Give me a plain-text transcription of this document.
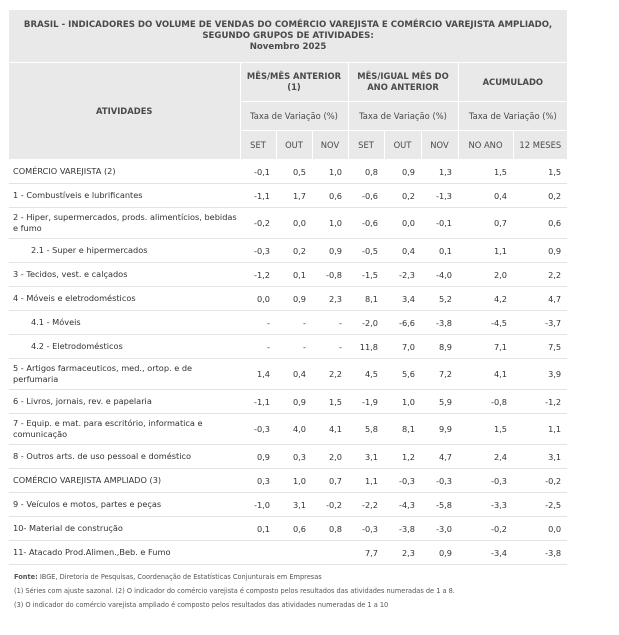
BRASIL - INDICADORES DO VOLUME DE VENDAS DO COMÉRCIO VAREJISTA E COMÉRCIO VAREJISTA AMPLIADO,
SEGUNDO GRUPOS DE ATIVIDADES:
Novembro 2025								

ATIVIDADES	MÊS/MÊS ANTERIOR (1)			MÊS/IGUAL MÊS DO ANO ANTERIOR			ACUMULADO	
	Taxa de Variação (%)			Taxa de Variação (%)			Taxa de Variação (%)	
	SET	OUT	NOV	SET	OUT	NOV	NO ANO	12 MESES
COMÉRCIO VAREJISTA (2)	-0,1	0,5	1,0	0,8	0,9	1,3	1,5	1,5
1 - Combustíveis e lubrificantes	-1,1	1,7	0,6	-0,6	0,2	-1,3	0,4	0,2
2 - Hiper, supermercados, prods. alimentícios, bebidas e fumo	-0,2	0,0	1,0	-0,6	0,0	-0,1	0,7	0,6
2.1 - Super e hipermercados	-0,3	0,2	0,9	-0,5	0,4	0,1	1,1	0,9
3 - Tecidos, vest. e calçados	-1,2	0,1	-0,8	-1,5	-2,3	-4,0	2,0	2,2
4 - Móveis e eletrodomésticos	0,0	0,9	2,3	8,1	3,4	5,2	4,2	4,7
4.1 - Móveis	-	-	-	-2,0	-6,6	-3,8	-4,5	-3,7
4.2 - Eletrodomésticos	-	-	-	11,8	7,0	8,9	7,1	7,5
5 - Artigos farmaceuticos, med., ortop. e de perfumaria	1,4	0,4	2,2	4,5	5,6	7,2	4,1	3,9
6 - Livros, jornais, rev. e papelaria	-1,1	0,9	1,5	-1,9	1,0	5,9	-0,8	-1,2
7 - Equip. e mat. para escritório, informatica e comunicação	-0,3	4,0	4,1	5,8	8,1	9,9	1,5	1,1
8 - Outros arts. de uso pessoal e doméstico	0,9	0,3	2,0	3,1	1,2	4,7	2,4	3,1
COMÉRCIO VAREJISTA AMPLIADO (3)	0,3	1,0	0,7	1,1	-0,3	-0,3	-0,3	-0,2
9 - Veículos e motos, partes e peças	-1,0	3,1	-0,2	-2,2	-4,3	-5,8	-3,3	-2,5
10- Material de construção	0,1	0,6	0,8	-0,3	-3,8	-3,0	-0,2	0,0
11- Atacado Prod.Alimen.,Beb. e Fumo				7,7	2,3	0,9	-3,4	-3,8
Fonte: IBGE, Diretoria de Pesquisas, Coordenação de Estatísticas Conjunturais em Empresas
(1) Séries com ajuste sazonal. (2) O indicador do comércio varejista é composto pelos resultados das atividades numeradas de 1 a 8.
(3) O indicador do comércio varejista ampliado é composto pelos resultados das atividades numeradas de 1 a 10
